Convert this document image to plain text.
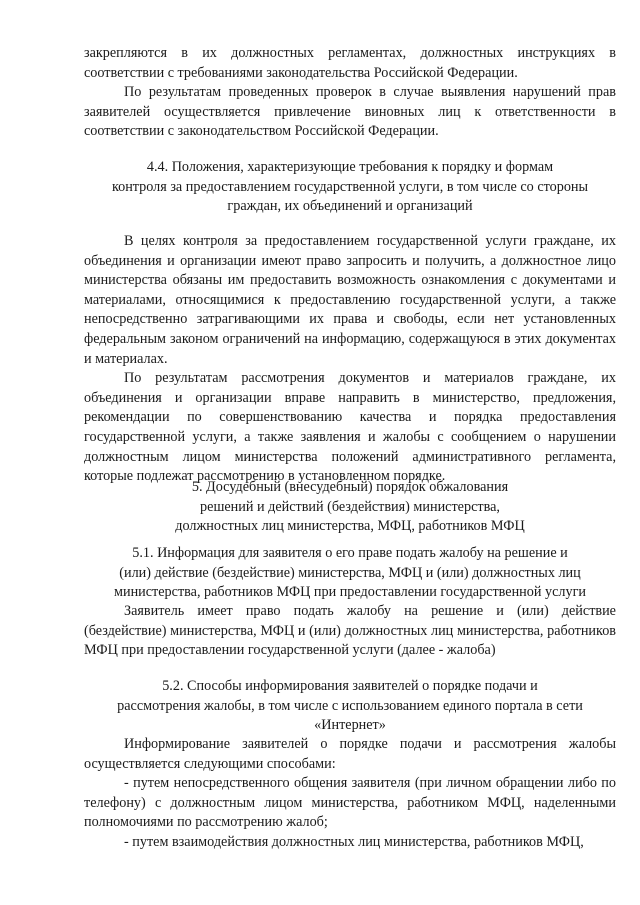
закрепляются в их должностных регламентах, должностных инструкциях в соответствии с требованиями законодательства Российской Федерации.

По результатам проведенных проверок в случае выявления нарушений прав заявителей осуществляется привлечение виновных лиц к ответственности в соответствии с законодательством Российской Федерации.

4.4. Положения, характеризующие требования к порядку и формам

контроля за предоставлением государственной услуги, в том числе со стороны

граждан, их объединений и организаций

В целях контроля за предоставлением государственной услуги граждане, их объединения и организации имеют право запросить и получить, а должностное лицо министерства обязаны им предоставить возможность ознакомления с документами и материалами, относящимися к предоставлению государственной услуги, а также непосредственно затрагивающими их права и свободы, если нет установленных федеральным законом ограничений на информацию, содержащуюся в этих документах и материалах.

По результатам рассмотрения документов и материалов граждане, их объединения и организации вправе направить в министерство, предложения, рекомендации по совершенствованию качества и порядка предоставления государственной услуги, а также заявления и жалобы с сообщением о нарушении должностным лицом министерства положений административного регламента, которые подлежат рассмотрению в установленном порядке.

5. Досудебный (внесудебный) порядок обжалования

решений и действий (бездействия) министерства,

должностных лиц министерства, МФЦ, работников МФЦ

5.1. Информация для заявителя о его праве подать жалобу на решение и

(или) действие (бездействие) министерства, МФЦ и (или) должностных лиц

министерства, работников МФЦ при предоставлении государственной услуги

Заявитель имеет право подать жалобу на решение и (или) действие (бездействие) министерства, МФЦ и (или) должностных лиц министерства, работников МФЦ при предоставлении государственной услуги (далее - жалоба)

5.2. Способы информирования заявителей о порядке подачи и

рассмотрения жалобы, в том числе с использованием единого портала в сети

«Интернет»

Информирование заявителей о порядке подачи и рассмотрения жалобы осуществляется следующими способами:

- путем непосредственного общения заявителя (при личном обращении либо по телефону) с должностным лицом министерства, работником МФЦ, наделенными полномочиями по рассмотрению жалоб;

- путем взаимодействия должностных лиц министерства, работников МФЦ,
